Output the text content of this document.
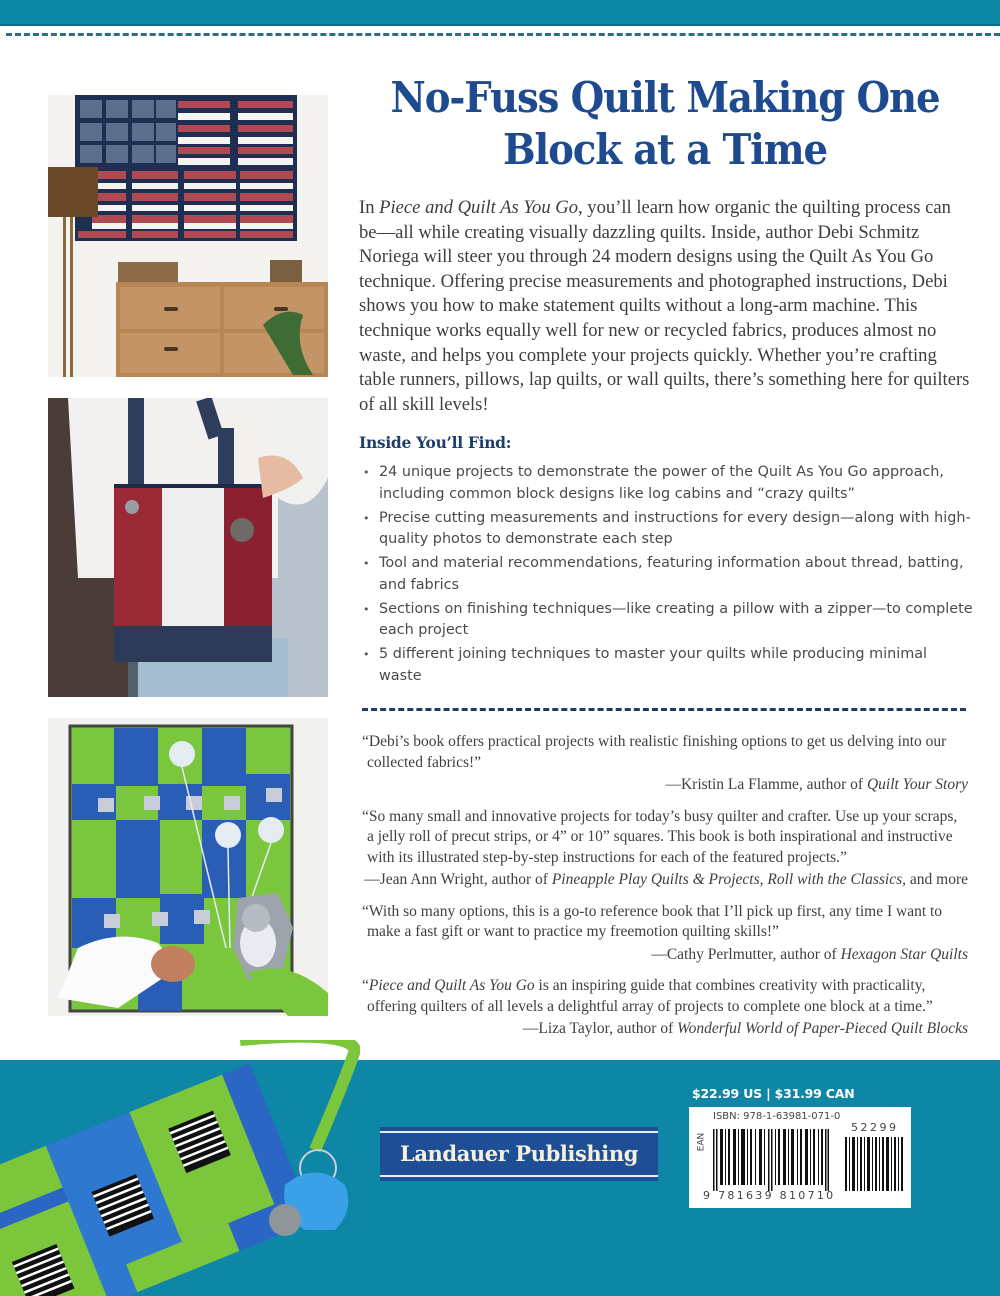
No-Fuss Quilt Making One
Block at a Time

In Piece and Quilt As You Go, you’ll learn how organic the quilting process can be—all while creating visually dazzling quilts. Inside, author Debi Schmitz Noriega will steer you through 24 modern designs using the Quilt As You Go technique. Offering precise measurements and photographed instructions, Debi shows you how to make statement quilts without a long-arm machine. This technique works equally well for new or recycled fabrics, produces almost no waste, and helps you complete your projects quickly. Whether you’re crafting table runners, pillows, lap quilts, or wall quilts, there’s something here for quilters of all skill levels!

Inside You’ll Find:
• 24 unique projects to demonstrate the power of the Quilt As You Go approach, including common block designs like log cabins and “crazy quilts”
• Precise cutting measurements and instructions for every design—along with high-quality photos to demonstrate each step
• Tool and material recommendations, featuring information about thread, batting, and fabrics
• Sections on finishing techniques—like creating a pillow with a zipper—to complete each project
• 5 different joining techniques to master your quilts while producing minimal waste

“Debi’s book offers practical projects with realistic finishing options to get us delving into our collected fabrics!”

—Kristin La Flamme, author of Quilt Your Story

“So many small and innovative projects for today’s busy quilter and crafter. Use up your scraps, a jelly roll of precut strips, or 4” or 10” squares. This book is both inspirational and instructive with its illustrated step-by-step instructions for each of the featured projects.”

—Jean Ann Wright, author of Pineapple Play Quilts & Projects, Roll with the Classics, and more

“With so many options, this is a go-to reference book that I’ll pick up first, any time I want to make a fast gift or want to practice my freemotion quilting skills!”

—Cathy Perlmutter, author of Hexagon Star Quilts

“Piece and Quilt As You Go is an inspiring guide that combines creativity with practicality, offering quilters of all levels a delightful array of projects to complete one block at a time.”

—Liza Taylor, author of Wonderful World of Paper-Pieced Quilt Blocks

Landauer Publishing
$22.99 US | $31.99 CAN
EAN
ISBN: 978-1-63981-071-0
52299
9 781639 810710
